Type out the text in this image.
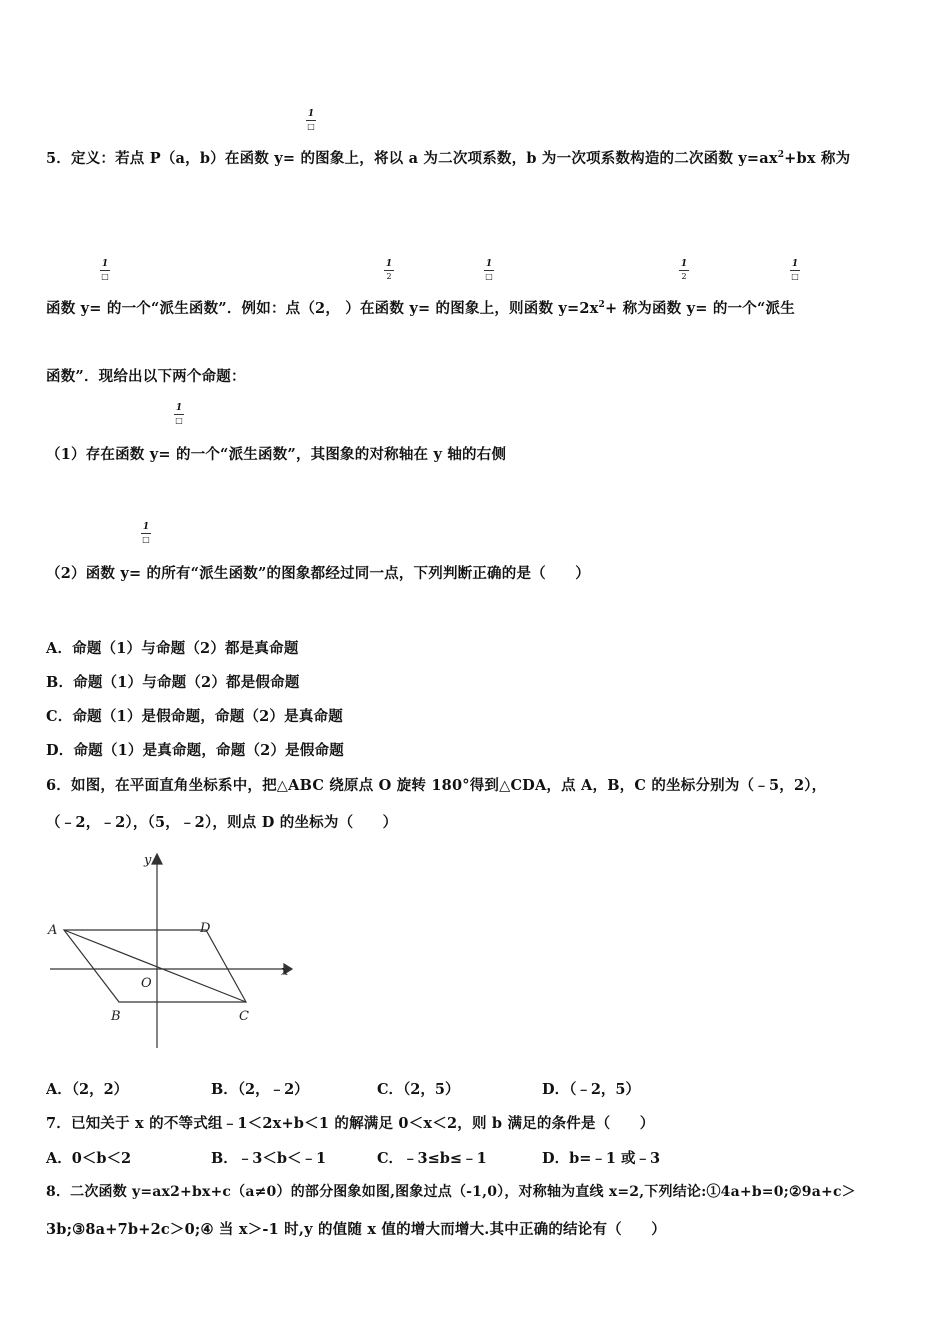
1
□
5．定义：若点 P（a，b）在函数 y= 的图象上，将以 a 为二次项系数，b 为一次项系数构造的二次函数 $y=ax^2+bx$ 称为
1
□
1
2
1
□
1
2
1
□
函数 y= 的一个“派生函数”．例如：点（2， ）在函数 y= 的图象上，则函数 $y=2x^2+$ 称为函数 y= 的一个“派生
函数”．现给出以下两个命题：
1
□
（1）存在函数 y= 的一个“派生函数”，其图象的对称轴在 y 轴的右侧
1
□
（2）函数 y= 的所有“派生函数”的图象都经过同一点，下列判断正确的是（　　）
A．命题（1）与命题（2）都是真命题
B．命题（1）与命题（2）都是假命题
C．命题（1）是假命题，命题（2）是真命题
D．命题（1）是真命题，命题（2）是假命题
6．如图，在平面直角坐标系中，把△ABC 绕原点 O 旋转 180°得到△CDA，点 A，B，C 的坐标分别为（﹣5，2），
（﹣2，﹣2），（5，﹣2），则点 D 的坐标为（　　）
y
x
A	D
O
B	C
A．（2，2）	B．（2，﹣2）	C．（2，5）	D．（﹣2，5）
7．已知关于 x 的不等式组﹣1＜2x+b＜1 的解满足 0＜x＜2，则 b 满足的条件是（　　）
A．0＜b＜2	B．﹣3＜b＜﹣1	C．﹣3≤b≤﹣1	D．b=﹣1 或﹣3
8．二次函数 y=ax2+bx+c（a≠0）的部分图象如图,图象过点（-1,0），对称轴为直线 x=2,下列结论:①4a+b=0;②9a+c＞
3b;③8a+7b+2c＞0;④ 当 x＞-1 时,y 的值随 x 值的增大而增大.其中正确的结论有（　　）
